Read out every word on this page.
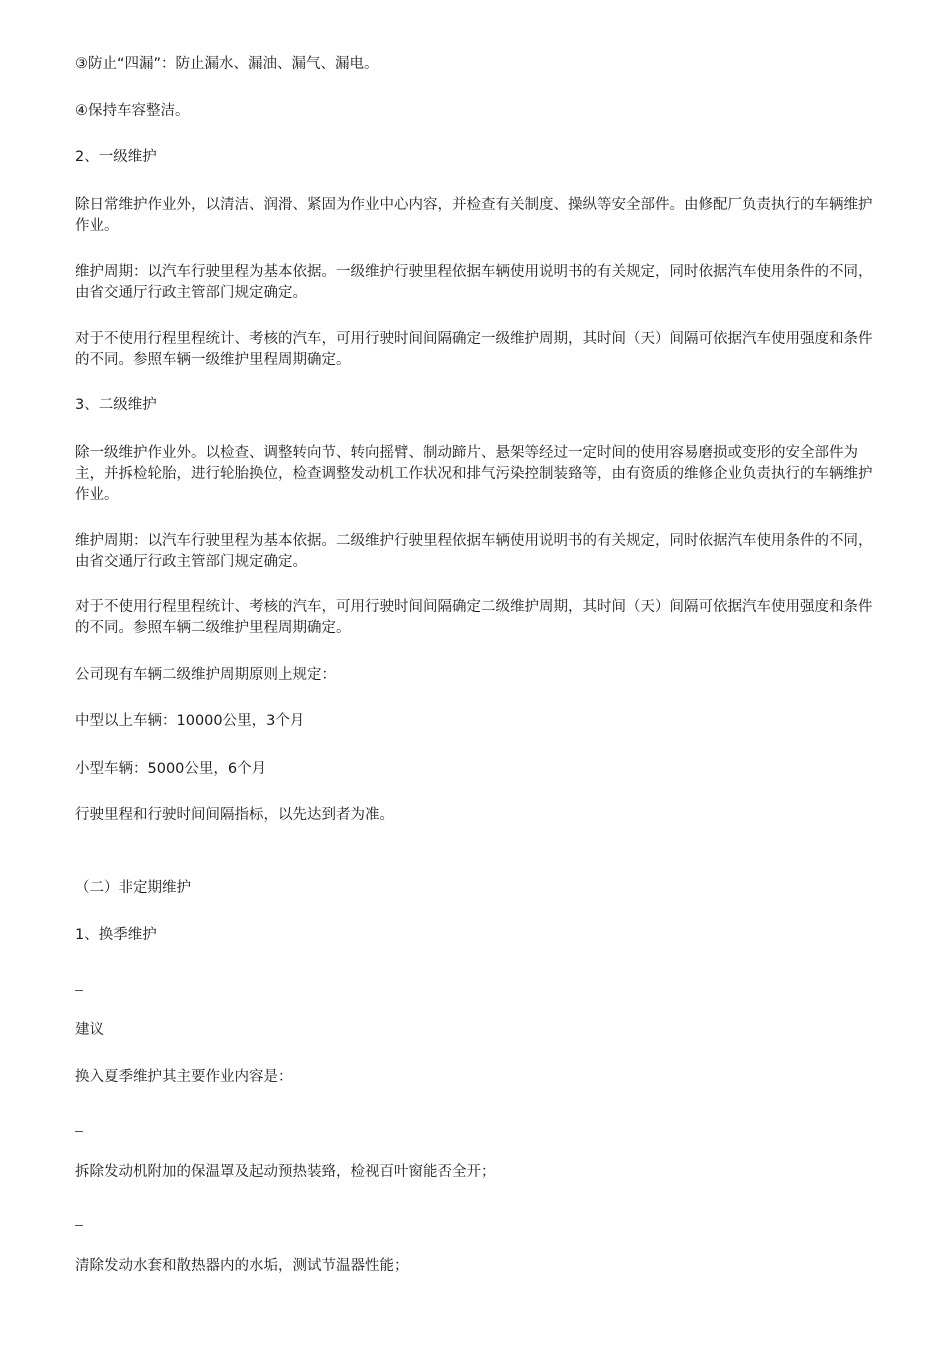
③防止“四漏”：防止漏水、漏油、漏气、漏电。

④保持车容整洁。

2、一级维护

除日常维护作业外，以清洁、润滑、紧固为作业中心内容，并检查有关制度、操纵等安全部件。由修配厂负责执行的车辆维护作业。

维护周期：以汽车行驶里程为基本依据。一级维护行驶里程依据车辆使用说明书的有关规定，同时依据汽车使用条件的不同，由省交通厅行政主管部门规定确定。

对于不使用行程里程统计、考核的汽车，可用行驶时间间隔确定一级维护周期，其时间（天）间隔可依据汽车使用强度和条件的不同。参照车辆一级维护里程周期确定。

3、二级维护

除一级维护作业外。以检查、调整转向节、转向摇臂、制动蹄片、悬架等经过一定时间的使用容易磨损或变形的安全部件为主，并拆检轮胎，进行轮胎换位，检查调整发动机工作状况和排气污染控制装臵等，由有资质的维修企业负责执行的车辆维护作业。

维护周期：以汽车行驶里程为基本依据。二级维护行驶里程依据车辆使用说明书的有关规定，同时依据汽车使用条件的不同，由省交通厅行政主管部门规定确定。

对于不使用行程里程统计、考核的汽车，可用行驶时间间隔确定二级维护周期，其时间（天）间隔可依据汽车使用强度和条件的不同。参照车辆二级维护里程周期确定。

公司现有车辆二级维护周期原则上规定：

中型以上车辆：10000公里，3个月

小型车辆：5000公里，6个月

行驶里程和行驶时间间隔指标，以先达到者为准。

（二）非定期维护

1、换季维护

建议

换入夏季维护其主要作业内容是：

拆除发动机附加的保温罩及起动预热装臵，检视百叶窗能否全开；

清除发动水套和散热器内的水垢，测试节温器性能；
